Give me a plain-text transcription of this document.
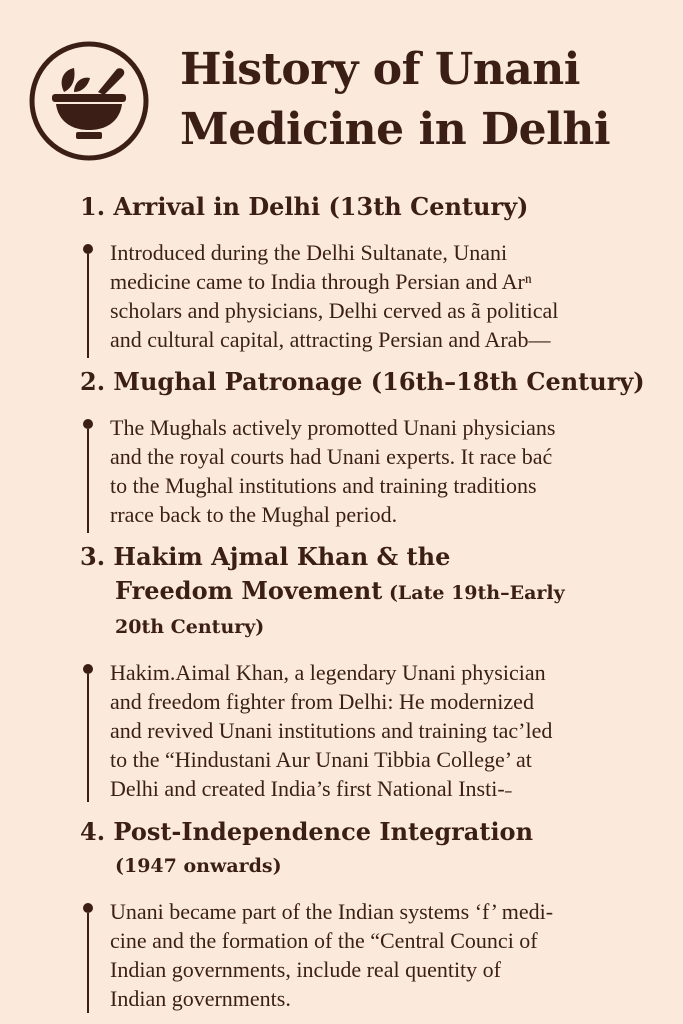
History of Unani
Medicine in Delhi
1. Arrival in Delhi (13th Century)

Introduced during the Delhi Sultanate, Unani
medicine came to India through Persian and Arⁿ
scholars and physicians, Delhi cerved as ã political
and cultural capital, attracting Persian and Arab—

2. Mughal Patronage (16th–18th Century)

The Mughals actively promotted Unani physicians
and the royal courts had Unani experts. It race bać
to the Mughal institutions and training traditions
rrace back to the Mughal period.

3. Hakim Ajmal Khan & the
Freedom Movement (Late 19th–Early
20th Century)

Hakim.Aimal Khan, a legendary Unani physician
and freedom fighter from Delhi: He modernized
and revived Unani institutions and training tac’led
to the “Hindustani Aur Unani Tibbia College’ at
Delhi and created India’s first National Insti-˗

4. Post-Independence Integration
(1947 onwards)

Unani became part of the Indian systems ‘f’ medi-
cine and the formation of the “Central Counci of
Indian governments, include real quentity of
Indian governments.
